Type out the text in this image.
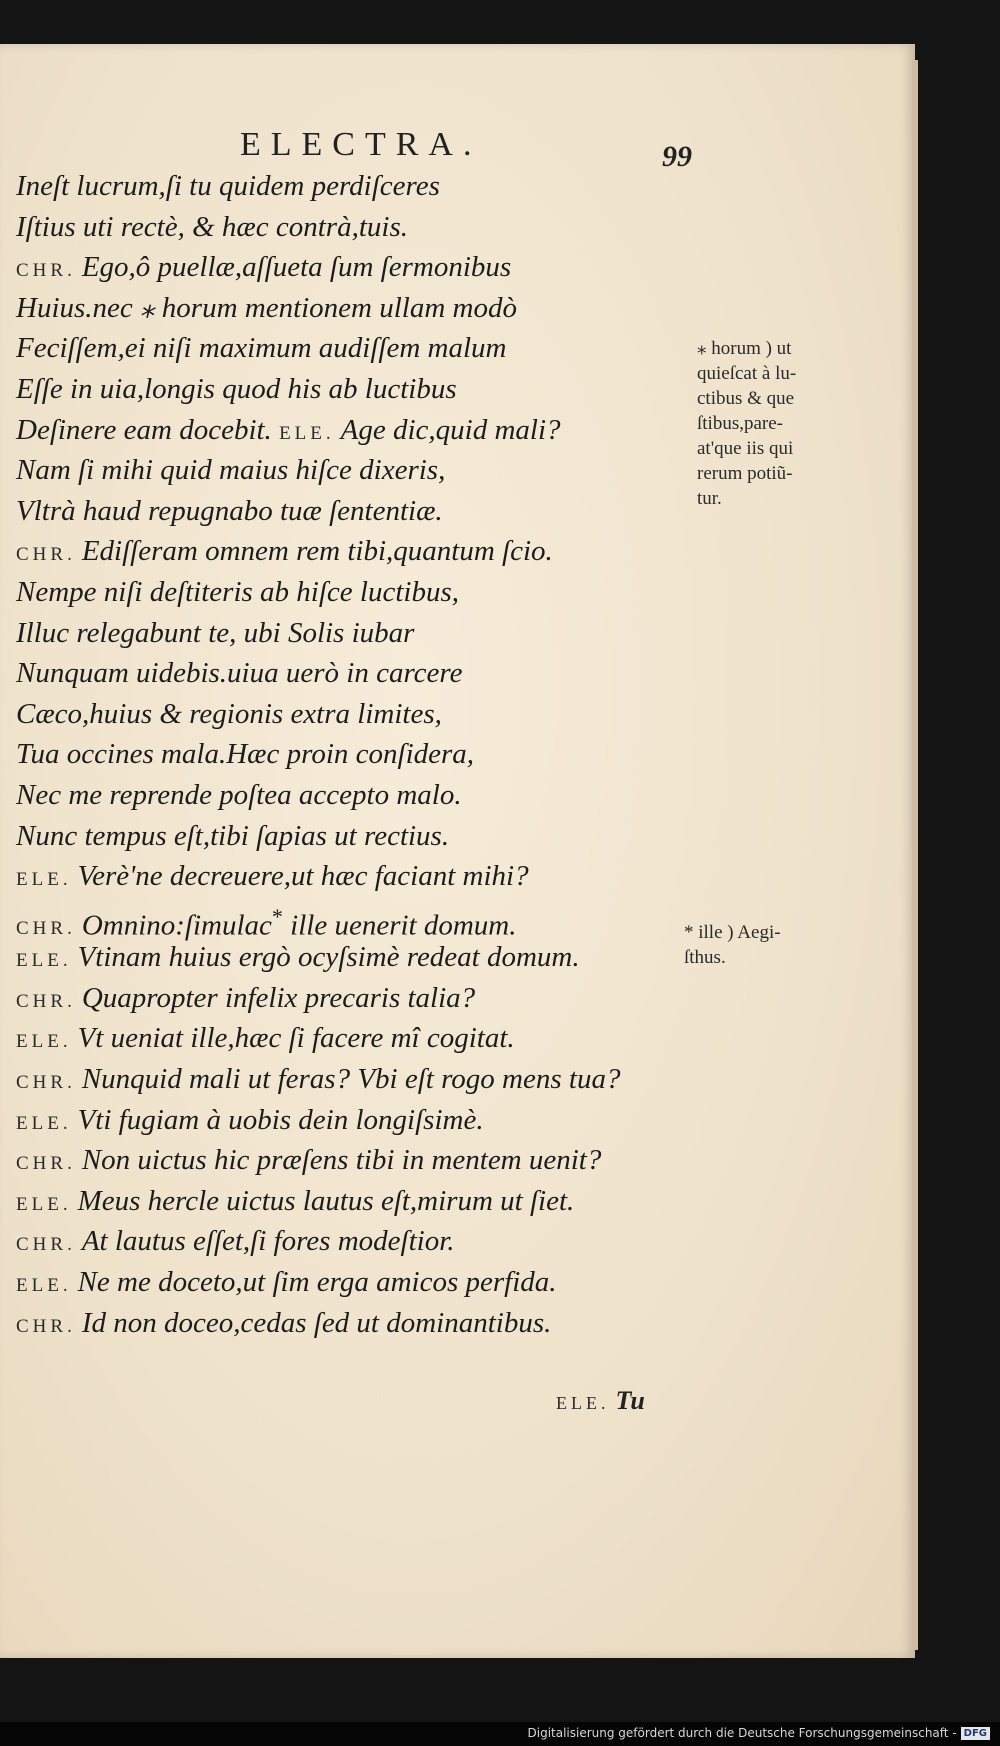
ELECTRA.	99
Ineſt lucrum,ſi tu quidem perdiſceres
Iſtius uti rectè, & hæc contrà,tuis.
CHR. Ego,ô puellæ,aſſueta ſum ſermonibus
Huius.nec ⁎ horum mentionem ullam modò
Feciſſem,ei niſi maximum audiſſem malum
Eſſe in uia,longis quod his ab luctibus
Deſinere eam docebit. ELE. Age dic,quid mali?
Nam ſi mihi quid maius hiſce dixeris,
Vltrà haud repugnabo tuæ ſententiæ.
CHR. Ediſſeram omnem rem tibi,quantum ſcio.
Nempe niſi deſtiteris ab hiſce luctibus,
Illuc relegabunt te, ubi Solis iubar
Nunquam uidebis.uiua uerò in carcere
Cæco,huius & regionis extra limites,
Tua occines mala.Hæc proin conſidera,
Nec me reprende poſtea accepto malo.
Nunc tempus eſt,tibi ſapias ut rectius.
ELE. Verè'ne decreuere,ut hæc faciant mihi?
CHR. Omnino:ſimulac* ille uenerit domum.
ELE. Vtinam huius ergò ocyſsimè redeat domum.
CHR. Quapropter infelix precaris talia?
ELE. Vt ueniat ille,hæc ſi facere mî cogitat.
CHR. Nunquid mali ut feras? Vbi eſt rogo mens tua?
ELE. Vti fugiam à uobis dein longiſsimè.
CHR. Non uictus hic præſens tibi in mentem uenit?
ELE. Meus hercle uictus lautus eſt,mirum ut ſiet.
CHR. At lautus eſſet,ſi fores modeſtior.
ELE. Ne me doceto,ut ſim erga amicos perfida.
CHR. Id non doceo,cedas ſed ut dominantibus.
⁎ horum ) ut
quieſcat à lu-
ctibus & que
ſtibus,pare-
at'que iis qui
rerum potiũ-
tur.
* ille ) Aegi-
ſthus.
ELE. Tu
Digitalisierung gefördert durch die Deutsche Forschungsgemeinschaft - DFG
